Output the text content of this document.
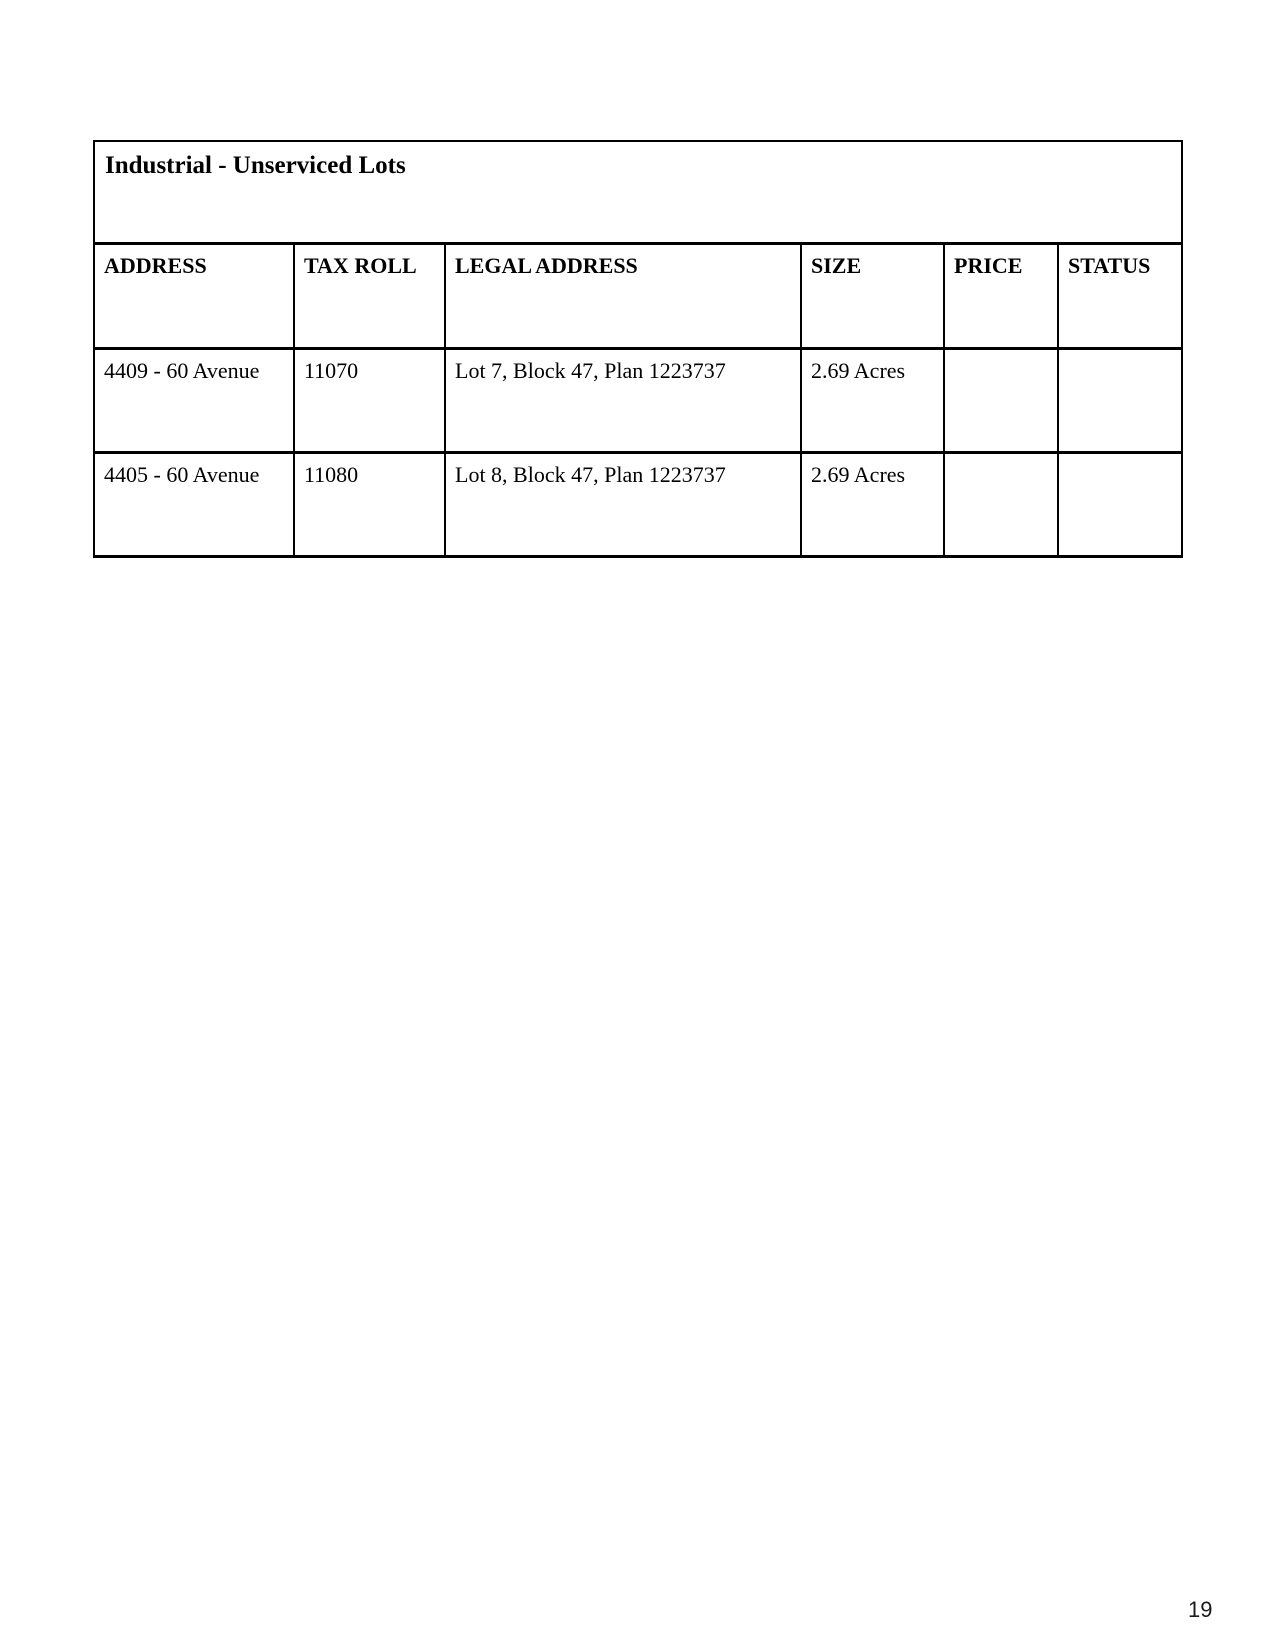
Industrial - Unserviced Lots					
ADDRESS	TAX ROLL	LEGAL ADDRESS	SIZE	PRICE	STATUS
4409 - 60 Avenue	11070	Lot 7, Block 47, Plan 1223737	2.69 Acres		
4405 - 60 Avenue	11080	Lot 8, Block 47, Plan 1223737	2.69 Acres		
19
